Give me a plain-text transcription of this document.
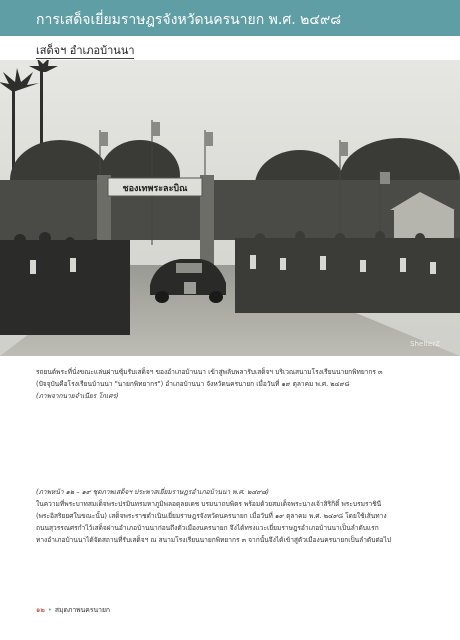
การเสด็จเยี่ยมราษฎรจังหวัดนครนายก พ.ศ. ๒๔๙๘
เสด็จฯ อำเภอบ้านนา
ชองเทพระละบิณ
ShelterZ
รถยนต์พระที่นั่งขณะแล่นผ่านซุ้มรับเสด็จฯ ของอำเภอบ้านนา เข้าสู่พลับพลารับเสด็จฯ บริเวณสนามโรงเรียนนายกพิทยากร ๓
(ปัจจุบันคือโรงเรียนบ้านนา "นายกพิทยากร") อำเภอบ้านนา จังหวัดนครนายก เมื่อวันที่ ๑๙ ตุลาคม พ.ศ. ๒๔๙๘
(ภาพจากนายจำเนียร โกเศร)
(ภาพหน้า ๑๒ – ๑๙ ชุดภาพเสด็จฯ ประพาสเยี่ยมราษฎรอำเภอบ้านนา พ.ศ. ๒๔๙๘)
ในความที่พระบาทสมเด็จพระปรมินทรมหาภูมิพลอดุลยเดช บรมนาถบพิตร พร้อมด้วยสมเด็จพระนางเจ้าสิริกิติ์ พระบรมราชินี
(พระอิสริยยศในขณะนั้น) เสด็จพระราชดำเนินเยี่ยมราษฎรจังหวัดนครนายก เมื่อวันที่ ๑๙ ตุลาคม พ.ศ. ๒๔๙๘ โดยใช้เส้นทาง
ถนนสุวรรณศรกำไว้เสด็จผ่านอำเภอบ้านนาก่อนถึงตัวเมืองนครนายก จึงได้ทรงแวะเยี่ยมราษฎรอำเภอบ้านนาเป็นลำดับแรก
ทางอำเภอบ้านนาได้จัดสถานที่รับเสด็จฯ ณ สนามโรงเรียนนายกพิทยากร ๓ จากนั้นจึงได้เข้าสู่ตัวเมืองนครนายกเป็นลำดับต่อไป
๑๒ • สมุดภาพนครนายก
